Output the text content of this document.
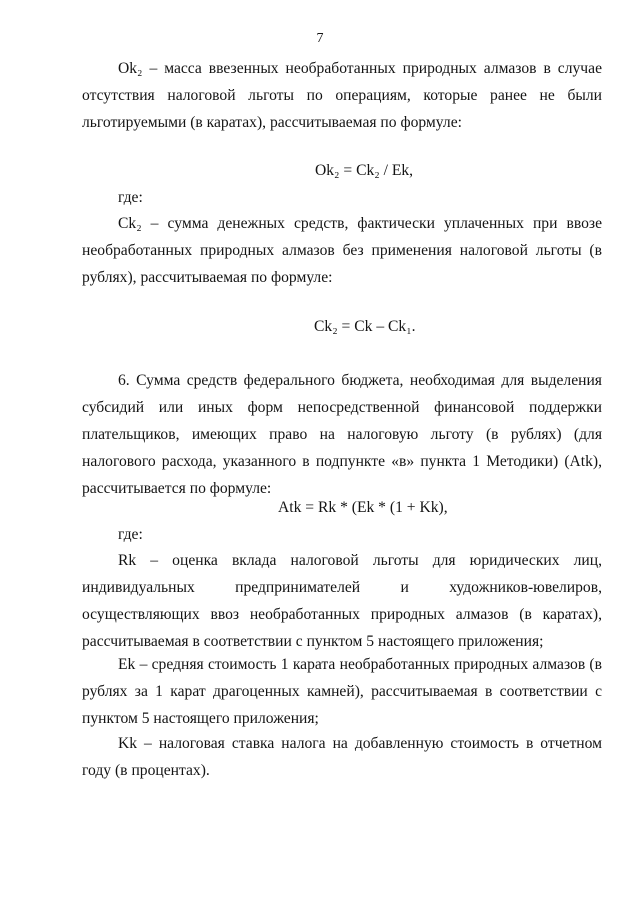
7

Ok₂ – масса ввезенных необработанных природных алмазов в случае отсутствия налоговой льготы по операциям, которые ранее не были льготируемыми (в каратах), рассчитываемая по формуле:

Ok₂ = Ck₂ / Ek,

где:

Ck₂ – сумма денежных средств, фактически уплаченных при ввозе необработанных природных алмазов без применения налоговой льготы (в рублях), рассчитываемая по формуле:

Ck₂ = Ck – Ck₁.

6. Сумма средств федерального бюджета, необходимая для выделения субсидий или иных форм непосредственной финансовой поддержки плательщиков, имеющих право на налоговую льготу (в рублях) (для налогового расхода, указанного в подпункте «в» пункта 1 Методики) (Atk), рассчитывается по формуле:

Atk = Rk * (Ek * (1 + Kk),

где:

Rk – оценка вклада налоговой льготы для юридических лиц, индивидуальных предпринимателей и художников-ювелиров, осуществляющих ввоз необработанных природных алмазов (в каратах), рассчитываемая в соответствии с пунктом 5 настоящего приложения;

Ek – средняя стоимость 1 карата необработанных природных алмазов (в рублях за 1 карат драгоценных камней), рассчитываемая в соответствии с пунктом 5 настоящего приложения;

Kk – налоговая ставка налога на добавленную стоимость в отчетном году (в процентах).
